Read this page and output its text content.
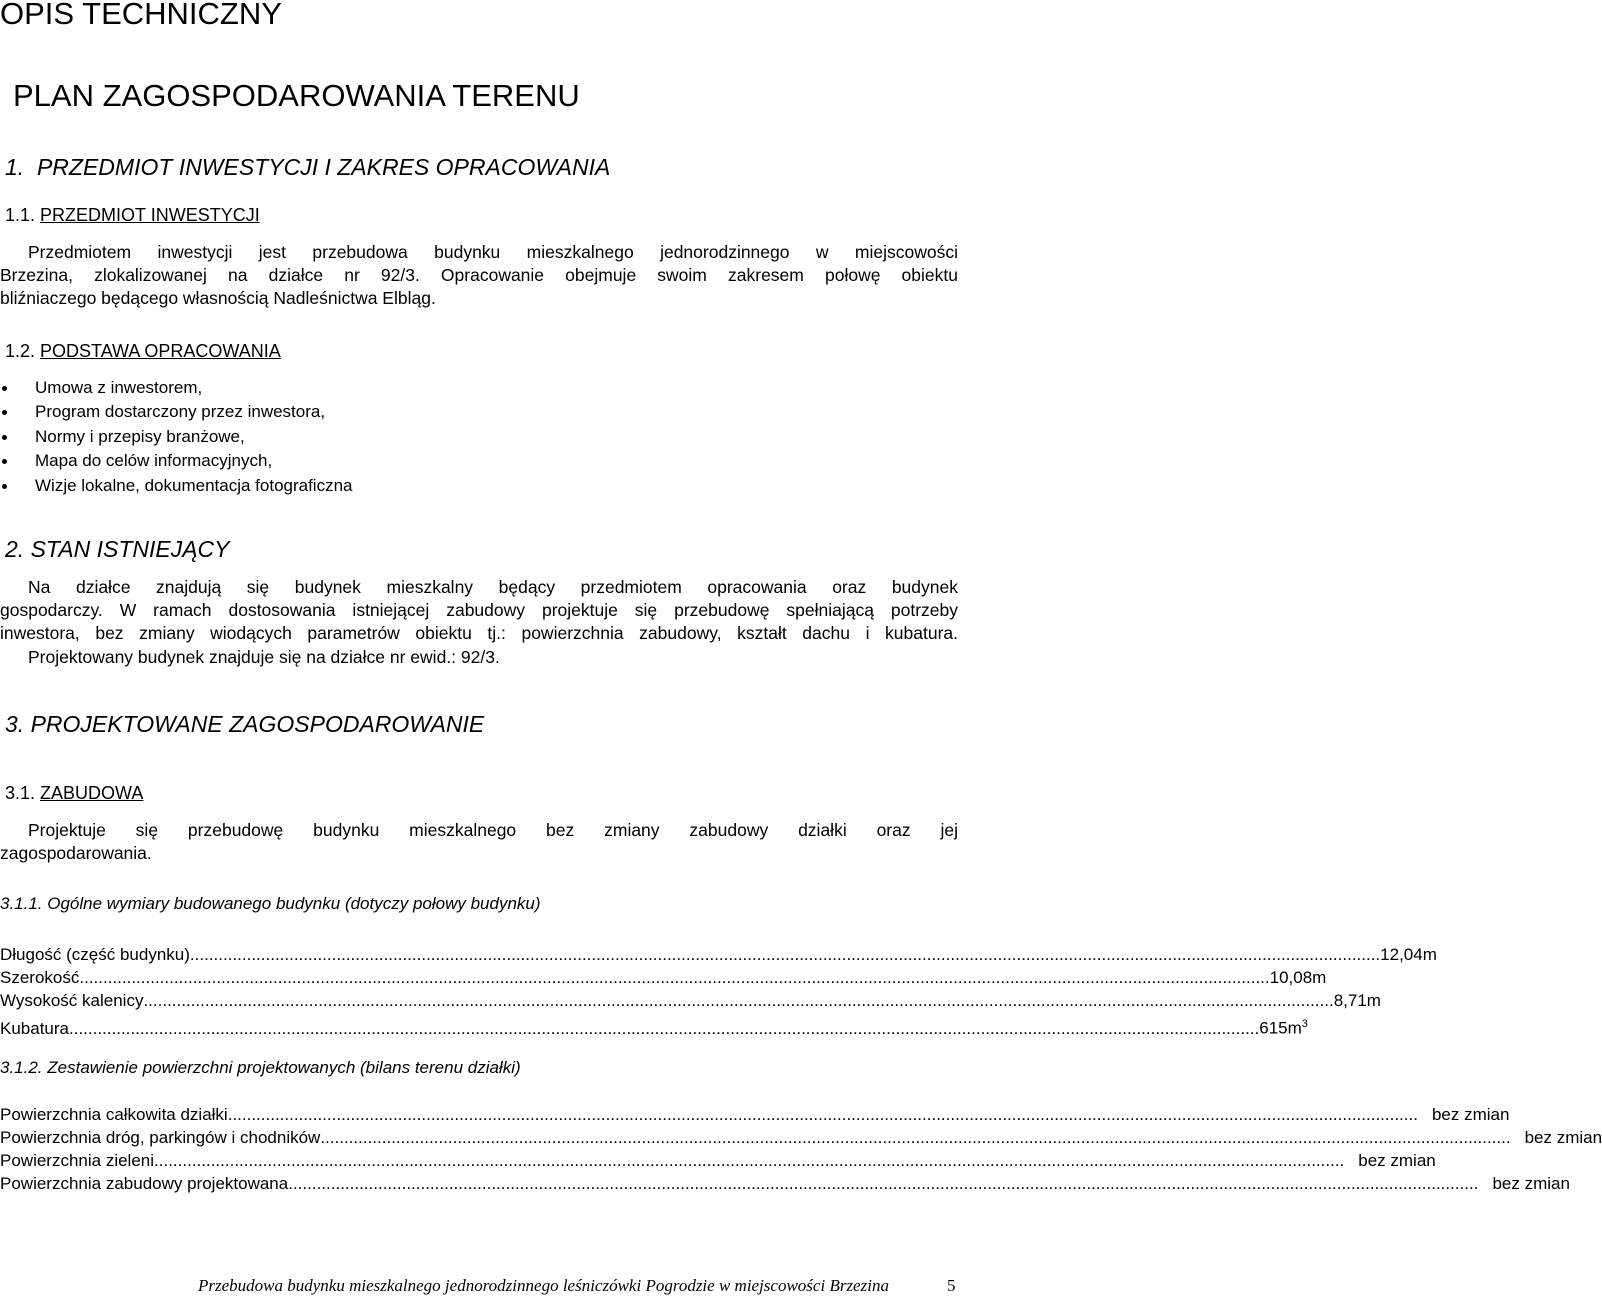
OPIS TECHNICZNY
PLAN ZAGOSPODAROWANIA TERENU
1. PRZEDMIOT INWESTYCJI I ZAKRES OPRACOWANIA
1.1. PRZEDMIOT INWESTYCJI
Przedmiotem inwestycji jest przebudowa budynku mieszkalnego jednorodzinnego w miejscowości
Brzezina, zlokalizowanej na działce nr 92/3. Opracowanie obejmuje swoim zakresem połowę obiektu
bliźniaczego będącego własnością Nadleśnictwa Elbląg.
1.2. PODSTAWA OPRACOWANIA
Umowa z inwestorem,
Program dostarczony przez inwestora,
Normy i przepisy branżowe,
Mapa do celów informacyjnych,
Wizje lokalne, dokumentacja fotograficzna
2. STAN ISTNIEJĄCY
Na działce znajdują się budynek mieszkalny będący przedmiotem opracowania oraz budynek
gospodarczy. W ramach dostosowania istniejącej zabudowy projektuje się przebudowę spełniającą potrzeby
inwestora, bez zmiany wiodących parametrów obiektu tj.: powierzchnia zabudowy, kształt dachu i kubatura.
Projektowany budynek znajduje się na działce nr ewid.: 92/3.
3. PROJEKTOWANE ZAGOSPODAROWANIE
3.1. ZABUDOWA
Projektuje się przebudowę budynku mieszkalnego bez zmiany zabudowy działki oraz jej
zagospodarowania.
3.1.1. Ogólne wymiary budowanego budynku (dotyczy połowy budynku)
Długość (część budynku) ............................................................................................................................................................................................................................................................ 12,04m
Szerokość ............................................................................................................................................................................................................................................................ 10,08m
Wysokość kalenicy ............................................................................................................................................................................................................................................................ 8,71m
Kubatura ............................................................................................................................................................................................................................................................ $615m^3$
3.1.2. Zestawienie powierzchni projektowanych (bilans terenu działki)
Powierzchnia całkowita działki ............................................................................................................................................................................................................................................................ bez zmian
Powierzchnia dróg, parkingów i chodników ............................................................................................................................................................................................................................................................ bez zmian
Powierzchnia zieleni ............................................................................................................................................................................................................................................................ bez zmian
Powierzchnia zabudowy projektowana ............................................................................................................................................................................................................................................................ bez zmian
Przebudowa budynku mieszkalnego jednorodzinnego leśniczówki Pogrodzie w miejscowości Brzezina	5
